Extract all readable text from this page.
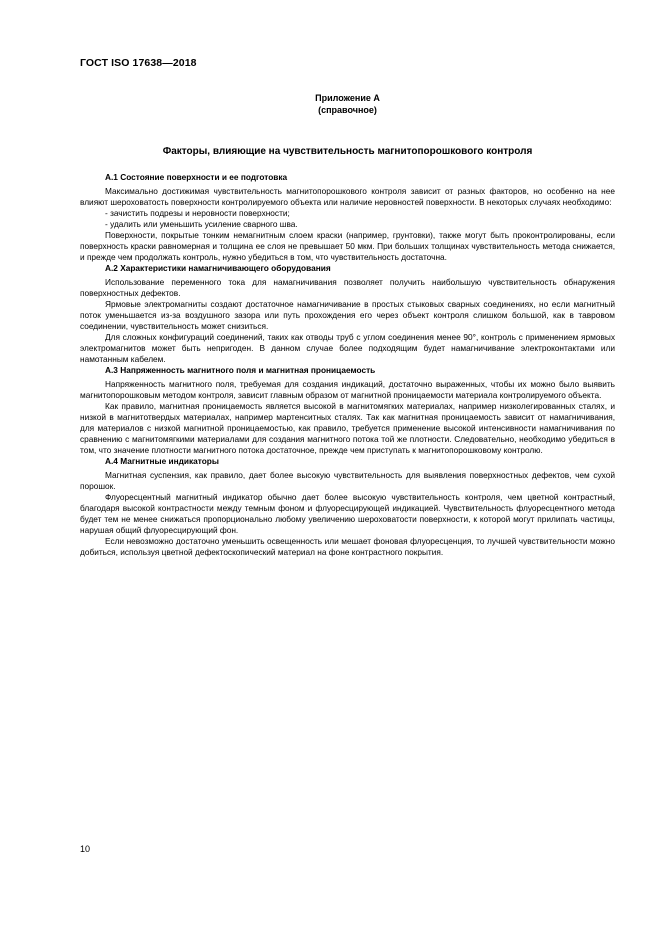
ГОСТ ISO 17638—2018
Приложение А
(справочное)
Факторы, влияющие на чувствительность магнитопорошкового контроля
А.1 Состояние поверхности и ее подготовка

Максимально достижимая чувствительность магнитопорошкового контроля зависит от разных факторов, но особенно на нее влияют шероховатость поверхности контролируемого объекта или наличие неровностей поверхности. В некоторых случаях необходимо:

- зачистить подрезы и неровности поверхности;

- удалить или уменьшить усиление сварного шва.

Поверхности, покрытые тонким немагнитным слоем краски (например, грунтовки), также могут быть проконтролированы, если поверхность краски равномерная и толщина ее слоя не превышает 50 мкм. При больших толщинах чувствительность метода снижается, и прежде чем продолжать контроль, нужно убедиться в том, что чувствительность достаточна.

А.2 Характеристики намагничивающего оборудования

Использование переменного тока для намагничивания позволяет получить наибольшую чувствительность обнаружения поверхностных дефектов.

Ярмовые электромагниты создают достаточное намагничивание в простых стыковых сварных соединениях, но если магнитный поток уменьшается из-за воздушного зазора или путь прохождения его через объект контроля слишком большой, как в тавровом соединении, чувствительность может снизиться.

Для сложных конфигураций соединений, таких как отводы труб с углом соединения менее 90°, контроль с применением ярмовых электромагнитов может быть непригоден. В данном случае более подходящим будет намагничивание электроконтактами или намотанным кабелем.

А.3 Напряженность магнитного поля и магнитная проницаемость

Напряженность магнитного поля, требуемая для создания индикаций, достаточно выраженных, чтобы их можно было выявить магнитопорошковым методом контроля, зависит главным образом от магнитной проницаемости материала контролируемого объекта.

Как правило, магнитная проницаемость является высокой в магнитомягких материалах, например низколегированных сталях, и низкой в магнитотвердых материалах, например мартенситных сталях. Так как магнитная проницаемость зависит от намагничивания, для материалов с низкой магнитной проницаемостью, как правило, требуется применение высокой интенсивности намагничивания по сравнению с магнитомягкими материалами для создания магнитного потока той же плотности. Следовательно, необходимо убедиться в том, что значение плотности магнитного потока достаточное, прежде чем приступать к магнитопорошковому контролю.

А.4 Магнитные индикаторы

Магнитная суспензия, как правило, дает более высокую чувствительность для выявления поверхностных дефектов, чем сухой порошок.

Флуоресцентный магнитный индикатор обычно дает более высокую чувствительность контроля, чем цветной контрастный, благодаря высокой контрастности между темным фоном и флуоресцирующей индикацией. Чувствительность флуоресцентного метода будет тем не менее снижаться пропорционально любому увеличению шероховатости поверхности, к которой могут прилипать частицы, нарушая общий флуоресцирующий фон.

Если невозможно достаточно уменьшить освещенность или мешает фоновая флуоресценция, то лучшей чувствительности можно добиться, используя цветной дефектоскопический материал на фоне контрастного покрытия.

10
